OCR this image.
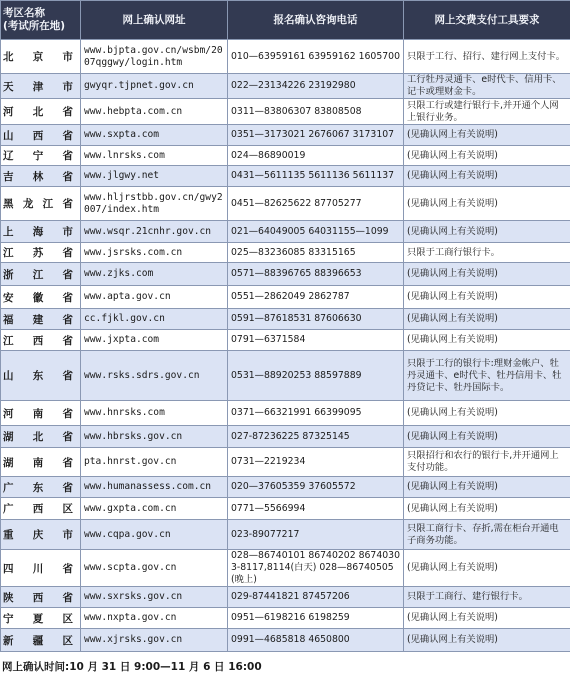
考区名称
(考试所在地)	网上确认网址	报名确认咨询电话	网上交费支付工具要求
北 京 市	www.bjpta.gov.cn/wsbm/2007qggwy/login.htm	010—63959161 63959162 1605700	只限于工行、招行、建行网上支付卡。
天 津 市	gwyqr.tjpnet.gov.cn	022—23134226 23192980	工行牡丹灵通卡、e时代卡、信用卡、记卡或理财金卡。
河 北 省	www.hebpta.com.cn	0311—83806307 83808508	只限工行或建行银行卡,并开通个人网上银行业务。
山 西 省	www.sxpta.com	0351—3173021 2676067 3173107	(见确认网上有关说明)
辽 宁 省	www.lnrsks.com	024—86890019	(见确认网上有关说明)
吉 林 省	www.jlgwy.net	0431—5611135 5611136 5611137	(见确认网上有关说明)
黑 龙 江 省	www.hljrstbb.gov.cn/gwy2007/index.htm	0451—82625622 87705277	(见确认网上有关说明)
上 海 市	www.wsqr.21cnhr.gov.cn	021—64049005 64031155—1099	(见确认网上有关说明)
江 苏 省	www.jsrsks.com.cn	025—83236085 83315165	只限于工商行银行卡。
浙 江 省	www.zjks.com	0571—88396765 88396653	(见确认网上有关说明)
安 徽 省	www.apta.gov.cn	0551—2862049 2862787	(见确认网上有关说明)
福 建 省	cc.fjkl.gov.cn	0591—87618531 87606630	(见确认网上有关说明)
江 西 省	www.jxpta.com	0791—6371584	(见确认网上有关说明)
山 东 省	www.rsks.sdrs.gov.cn	0531—88920253 88597889	只限于工行的银行卡:理财金帐户、牡丹灵通卡、e时代卡、牡丹信用卡、牡丹贷记卡、牡丹国际卡。
河 南 省	www.hnrsks.com	0371—66321991 66399095	(见确认网上有关说明)
湖 北 省	www.hbrsks.gov.cn	027-87236225 87325145	(见确认网上有关说明)
湖 南 省	pta.hnrst.gov.cn	0731—2219234	只限招行和农行的银行卡,并开通网上支付功能。
广 东 省	www.humanassess.com.cn	020—37605359 37605572	(见确认网上有关说明)
广 西 区	www.gxpta.com.cn	0771—5566994	(见确认网上有关说明)
重 庆 市	www.cqpa.gov.cn	023-89077217	只限工商行卡、存折,需在柜台开通电子商务功能。
四 川 省	www.scpta.gov.cn	028—86740101 86740202 86740303-8117,8114(白天) 028—86740505(晚上)	(见确认网上有关说明)
陕 西 省	www.sxrsks.gov.cn	029-87441821 87457206	只限于工商行、建行银行卡。
宁 夏 区	www.nxpta.gov.cn	0951—6198216 6198259	(见确认网上有关说明)
新 疆 区	www.xjrsks.gov.cn	0991—4685818 4650800	(见确认网上有关说明)
网上确认时间:10 月 31 日 9:00—11 月 6 日 16:00
